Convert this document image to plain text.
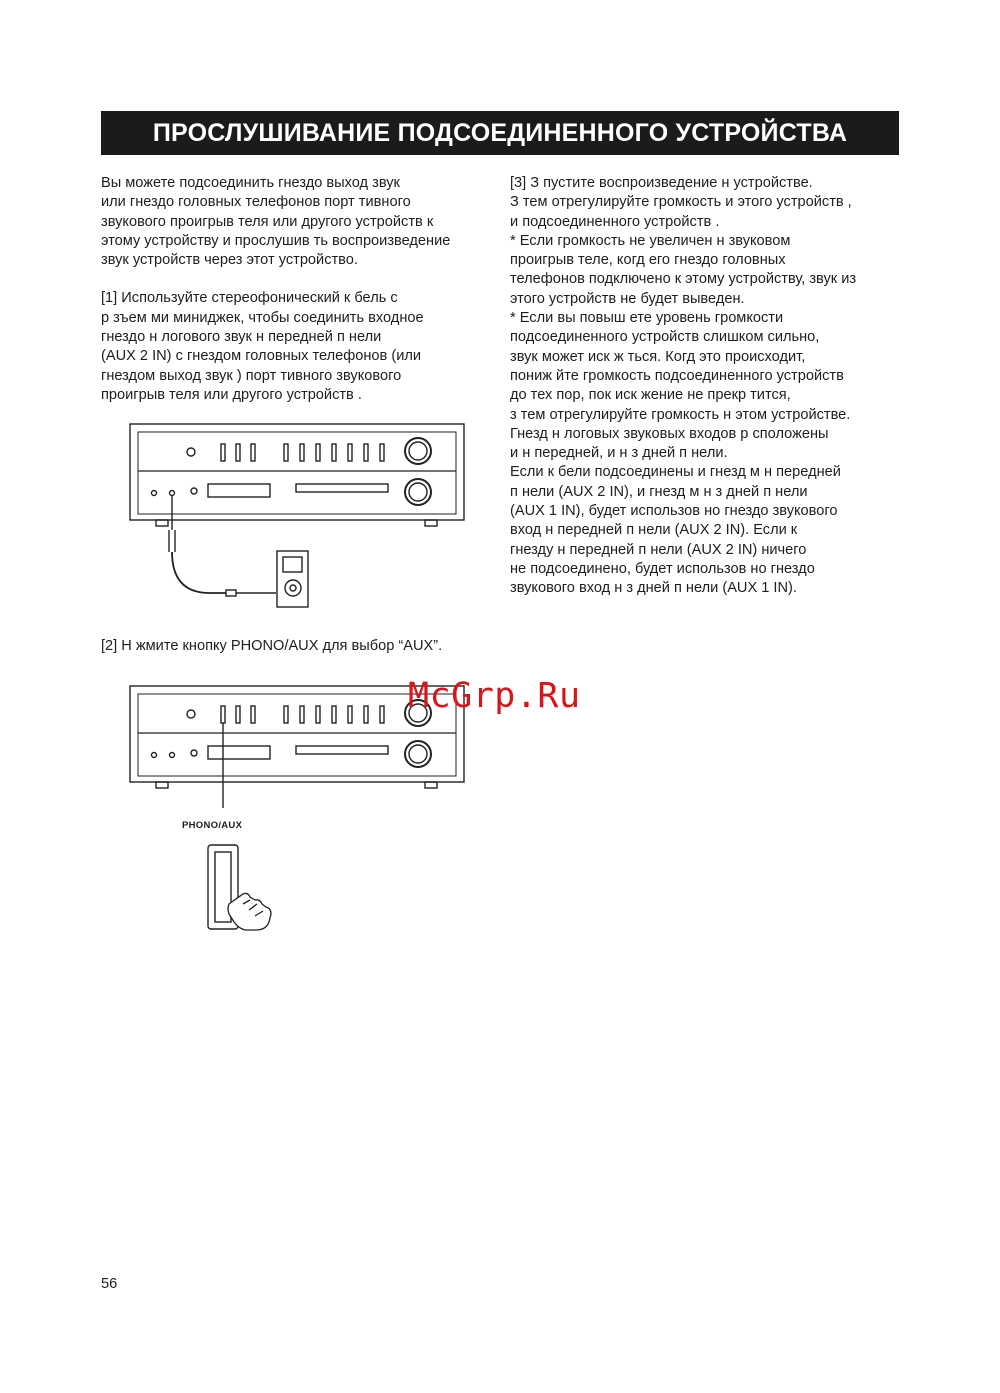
ПРОСЛУШИВАНИЕ ПОДСОЕДИНЕННОГО УСТРОЙСТВА
Вы можете подсоединить гнездо выход звук
или гнездо головных телефонов порт тивного
звукового проигрыв теля или другого устройств к
этому устройству и прослушив ть воспроизведение
звук устройств через этот устройство.
[1] Используйте стереофонический к бель с
р зъем ми миниджек, чтобы соединить входное
гнездо н логового звук н передней п нели
(AUX 2 IN) с гнездом головных телефонов (или
гнездом выход звук ) порт тивного звукового
проигрыв теля или другого устройств .
[3] З пустите воспроизведение н устройстве.
З тем отрегулируйте громкость и этого устройств ,
и подсоединенного устройств .
* Если громкость не увеличен н звуковом
проигрыв теле, когд его гнездо головных
телефонов подключено к этому устройству, звук из
этого устройств не будет выведен.
* Если вы повыш ете уровень громкости
подсоединенного устройств слишком сильно,
звук может иск ж ться. Когд это происходит,
пониж йте громкость подсоединенного устройств
до тех пор, пок иск жение не прекр тится,
з тем отрегулируйте громкость н этом устройстве.
Гнезд н логовых звуковых входов р сположены
и н передней, и н з дней п нели.
Если к бели подсоединены и гнезд м н передней
п нели (AUX 2 IN), и гнезд м н з дней п нели
(AUX 1 IN), будет использов но гнездо звукового
вход н передней п нели (AUX 2 IN). Если к
гнезду н передней п нели (AUX 2 IN) ничего
не подсоединено, будет использов но гнездо
звукового вход н з дней п нели (AUX 1 IN).
[2] Н жмите кнопку PHONO/AUX для выбор “AUX”.
PHONO/AUX
McGrp.Ru
56
